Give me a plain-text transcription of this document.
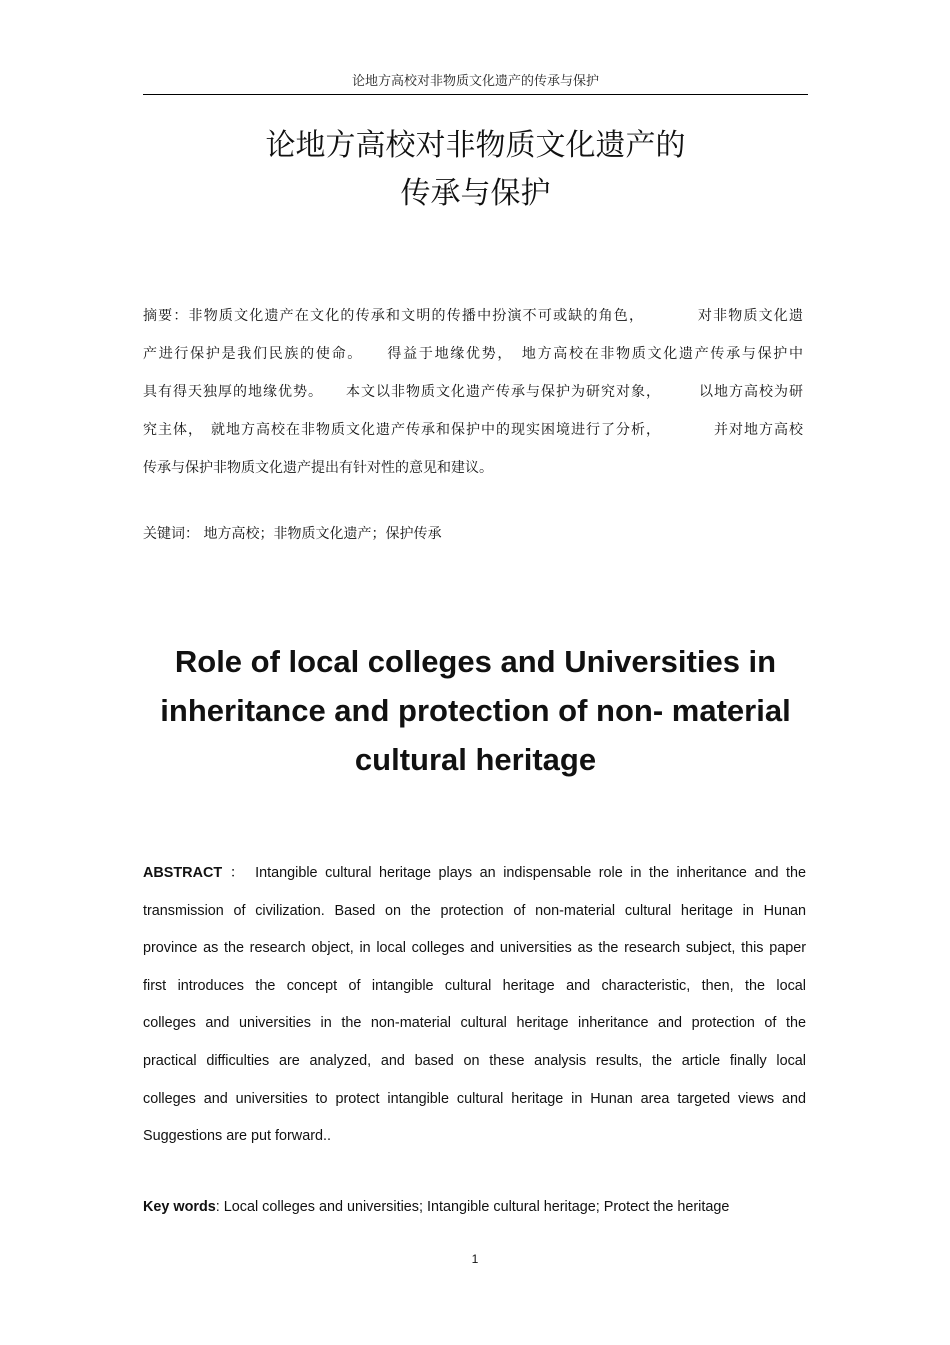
论地方高校对非物质文化遗产的传承与保护
论地方高校对非物质文化遗产的
传承与保护
摘要：非物质文化遗产在文化的传承和文明的传播中扮演不可或缺的角色，　　　　对非物质文化遗
产进行保护是我们民族的使命。　　得益于地缘优势，　地方高校在非物质文化遗产传承与保护中
具有得天独厚的地缘优势。　　本文以非物质文化遗产传承与保护为研究对象，　　　以地方高校为研
究主体，　就地方高校在非物质文化遗产传承和保护中的现实困境进行了分析，　　　　并对地方高校
传承与保护非物质文化遗产提出有针对性的意见和建议。
关键词： 地方高校；非物质文化遗产；保护传承
Role of local colleges and Universities in
inheritance and protection of non- material
cultural heritage
ABSTRACT ： Intangible cultural heritage plays an indispensable role in the inheritance and the
transmission of civilization. Based on the protection of non-material cultural heritage in Hunan
province as the research object, in local colleges and universities as the research subject, this paper
first introduces the concept of intangible cultural heritage and characteristic, then, the local
colleges and universities in the non-material cultural heritage inheritance and protection of the
practical difficulties are analyzed, and based on these analysis results, the article finally local
colleges and universities to protect intangible cultural heritage in Hunan area targeted views and
Suggestions are put forward..
Key words: Local colleges and universities; Intangible cultural heritage; Protect the heritage
1
